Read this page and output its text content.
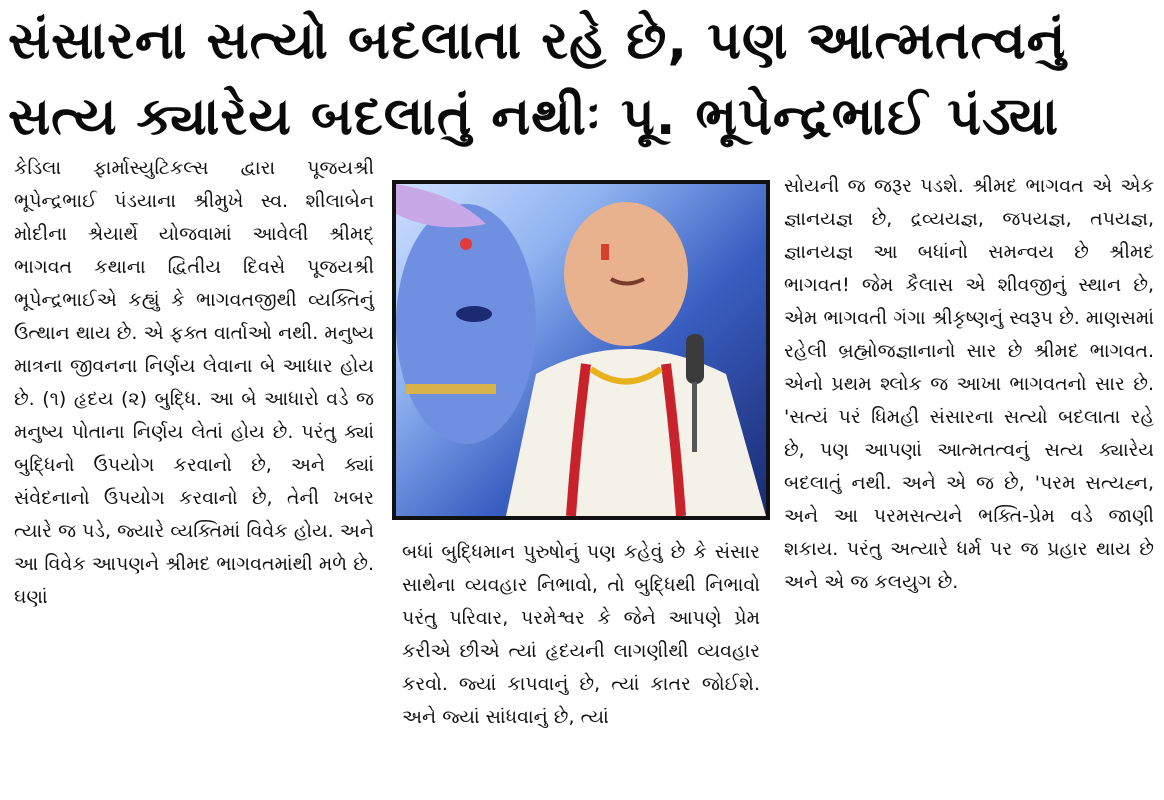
સંસારના સત્યો બદલાતા રહે છે, પણ આત્મતત્વનું
સત્ય ક્યારેય બદલાતું નથીઃ પૂ. ભૂપેન્દ્રભાઈ પંડ્યા

કેડિલા ફાર્માસ્યુટિકલ્સ દ્વારા પૂજયશ્રી ભૂપેન્દ્રભાઈ પંડયાના શ્રીમુખે સ્વ. શીલાબેન મોદીના શ્રેયાર્થે યોજવામાં આવેલી શ્રીમદ્ ભાગવત કથાના દ્વિતીય દિવસે પૂજયશ્રી ભૂપેન્દ્રભાઈએ કહ્યું કે ભાગવતજીથી વ્યક્તિનું ઉત્થાન થાય છે. એ ફક્ત વાર્તાઓ નથી. મનુષ્ય માત્રના જીવનના નિર્ણય લેવાના બે આધાર હોય છે. (૧) હૃદય (૨) બુદ્ધિ. આ બે આધારો વડે જ મનુષ્ય પોતાના નિર્ણય લેતાં હોય છે. પરંતુ ક્યાં બુદ્ધિનો ઉપયોગ કરવાનો છે, અને ક્યાં સંવેદનાનો ઉપયોગ કરવાનો છે, તેની ખબર ત્યારે જ પડે, જ્યારે વ્યક્તિમાં વિવેક હોય. અને આ વિવેક આપણને શ્રીમદ ભાગવતમાંથી મળે છે. ઘણાં

બધાં બુદ્ધિમાન પુરુષોનું પણ કહેવું છે કે સંસાર સાથેના વ્યવહાર નિભાવો, તો બુદ્ધિથી નિભાવો પરંતુ પરિવાર, પરમેશ્વર કે જેને આપણે પ્રેમ કરીએ છીએ ત્યાં હૃદયની લાગણીથી વ્યવહાર કરવો. જ્યાં કાપવાનું છે, ત્યાં કાતર જોઈશે. અને જ્યાં સાંધવાનું છે, ત્યાં

સોયની જ જરૂર પડશે. શ્રીમદ ભાગવત એ એક જ્ઞાનયજ્ઞ છે, દ્રવ્યયજ્ઞ, જપયજ્ઞ, તપયજ્ઞ, જ્ઞાનયજ્ઞ આ બધાંનો સમન્વય છે શ્રીમદ ભાગવત! જેમ કૈલાસ એ શીવજીનું સ્થાન છે, એમ ભાગવતી ગંગા શ્રીકૃષ્ણનું સ્વરૂપ છે. માણસમાં રહેલી બ્રહ્મોજજ્ઞાનાનો સાર છે શ્રીમદ ભાગવત. એનો પ્રથમ શ્લોક જ આખા ભાગવતનો સાર છે. 'સત્યં પરં ધિમહી સંસારના સત્યો બદલાતા રહે છે, પણ આપણાં આત્મતત્વનું સત્ય ક્યારેય બદલાતું નથી. અને એ જ છે, 'પરમ સત્યહ્ન, અને આ પરમસત્યને ભક્તિ-પ્રેમ વડે જાણી શકાય. પરંતુ અત્યારે ધર્મ પર જ પ્રહાર થાય છે અને એ જ કલયુગ છે.
